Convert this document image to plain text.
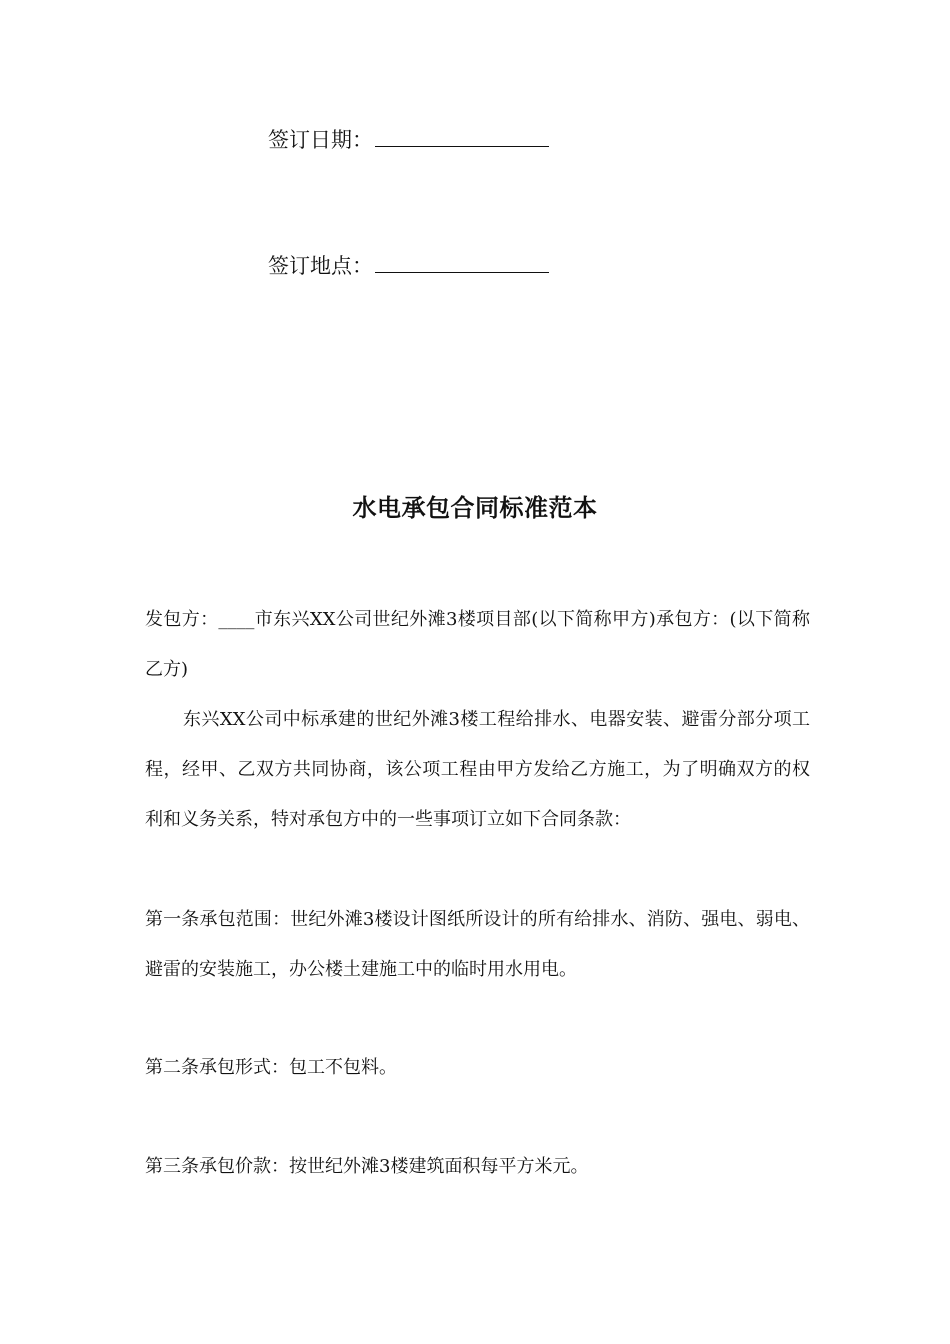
签订日期：
签订地点：
水电承包合同标准范本

发包方：____市东兴XX公司世纪外滩3楼项目部(以下简称甲方)承包方：(以下简称乙方)

东兴XX公司中标承建的世纪外滩3楼工程给排水、电器安装、避雷分部分项工程，经甲、乙双方共同协商，该公项工程由甲方发给乙方施工，为了明确双方的权利和义务关系，特对承包方中的一些事项订立如下合同条款：

第一条承包范围：世纪外滩3楼设计图纸所设计的所有给排水、消防、强电、弱电、避雷的安装施工，办公楼土建施工中的临时用水用电。

第二条承包形式：包工不包料。

第三条承包价款：按世纪外滩3楼建筑面积每平方米元。
